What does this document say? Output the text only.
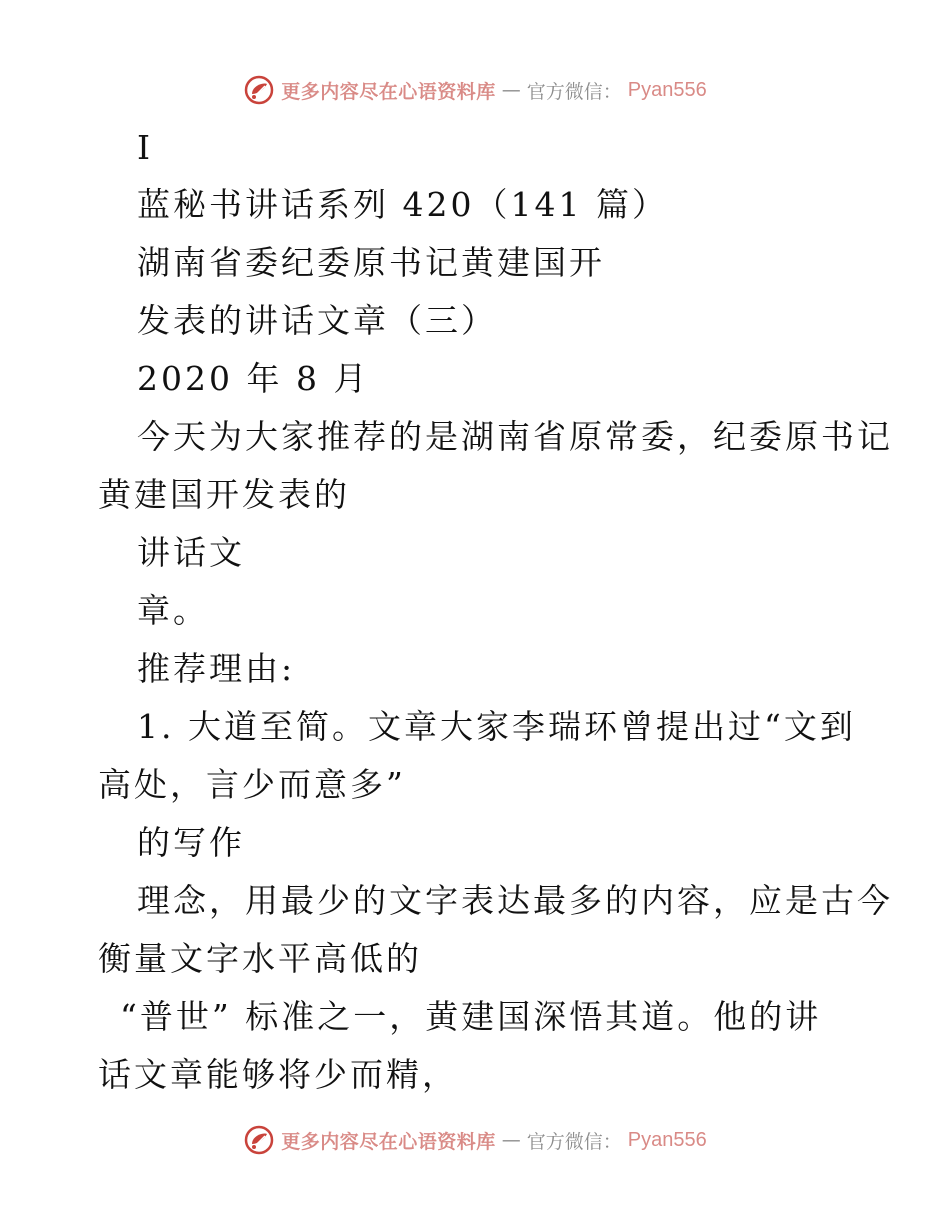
更多内容尽在心语资料库 — 官方微信： Pyan556
I
蓝秘书讲话系列 420（141 篇）
湖南省委纪委原书记黄建国开
发表的讲话文章（三）
2020 年 8 月
今天为大家推荐的是湖南省原常委，纪委原书记
黄建国开发表的
讲话文
章。
推荐理由:
1. 大道至简。文章大家李瑞环曾提出过“文到
高处，言少而意多”
的写作
理念，用最少的文字表达最多的内容，应是古今
衡量文字水平高低的
“普世” 标准之一，黄建国深悟其道。他的讲
话文章能够将少而精，
更多内容尽在心语资料库 — 官方微信： Pyan556
